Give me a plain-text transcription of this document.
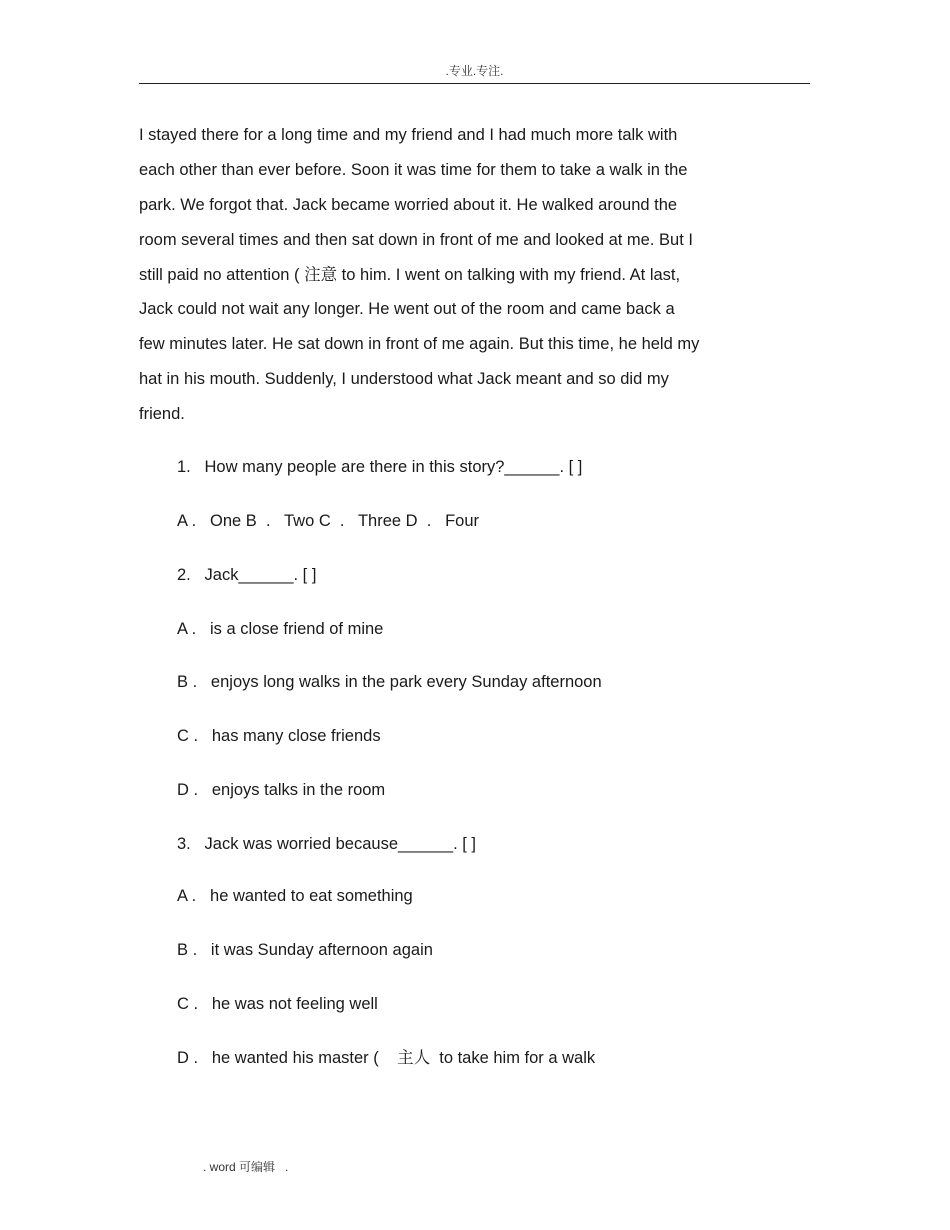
.专业.专注.
I stayed there for a long time and my friend and I had much more talk with
each other than ever before. Soon it was time for them to take a walk in the
park. We forgot that. Jack became worried about it. He walked around the
room several times and then sat down in front of me and looked at me. But I
still paid no attention ( 注意 to him. I went on talking with my friend. At last,
Jack could not wait any longer. He went out of the room and came back a
few minutes later. He sat down in front of me again. But this time, he held my
hat in his mouth. Suddenly, I understood what Jack meant and so did my
friend.
1.   How many people are there in this story?______. [ ]
A .   One B  .   Two C  .   Three D  .   Four
2.   Jack______. [ ]
A .   is a close friend of mine
B .   enjoys long walks in the park every Sunday afternoon
C .   has many close friends
D .   enjoys talks in the room
3.   Jack was worried because______. [ ]
A .   he wanted to eat something
B .   it was Sunday afternoon again
C .   he was not feeling well
D .   he wanted his master (    主人  to take him for a walk
. word 可编辑   .
